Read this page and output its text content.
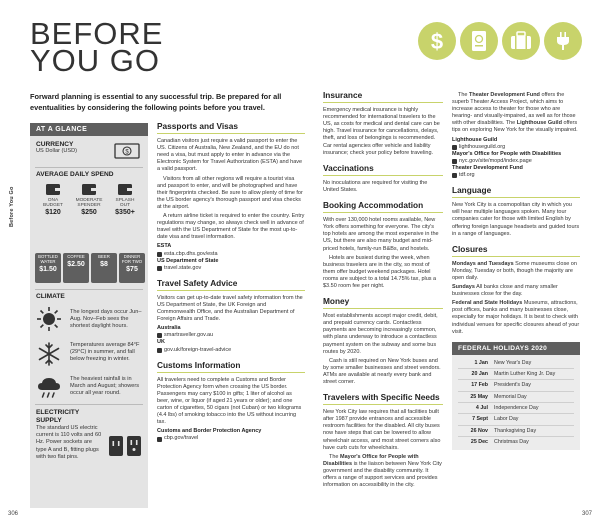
Before You Go
BEFORE
YOU GO
$
Forward planning is essential to any successful trip. Be prepared for all eventualities by considering the following points before you travel.
AT A GLANCE
CURRENCY
US Dollar (USD)	$
AVERAGE DAILY SPEND
ONA
BUDGET
$120
MODERATE
SPENDER
$250
SPLASH
OUT
$350+
BOTTLED
WATER
$1.50
COFFEE
$2.50
BEER
$8
DINNER
FOR TWO
$75
CLIMATE
The longest days occur Jun–Aug. Nov–Feb sees the shortest daylight hours.
Temperatures average 84°F (29°C) in summer, and fall below freezing in winter.
The heaviest rainfall is in March and August; showers occur all year round.
ELECTRICITY SUPPLY
The standard US electric current is 110 volts and 60 Hz. Power sockets are type A and B, fitting plugs with two flat pins.
Passports and Visas

Canadian visitors just require a valid passport to enter the US. Citizens of Australia, New Zealand, and the EU do not need a visa, but must apply to enter in advance via the Electronic System for Travel Authorization (ESTA) and have a valid passport.

Visitors from all other regions will require a tourist visa and passport to enter, and will be photographed and have their fingerprints checked. Be sure to allow plenty of time for the US border agency's thorough passport and visa checks at the airport.

A return airline ticket is required to enter the country. Entry regulations may change, so always check well in advance of travel with the US Department of State for the most up-to-date visa and travel information.

ESTA
esta.cbp.dhs.gov/esta
US Department of State
travel.state.gov
Travel Safety Advice

Visitors can get up-to-date travel safety information from the US Department of State, the UK Foreign and Commonwealth Office, and the Australian Department of Foreign Affairs and Trade.

Australia
smartraveller.gov.au
UK
gov.uk/foreign-travel-advice
Customs Information

All travelers need to complete a Customs and Border Protection Agency form when crossing the US border. Passengers may carry $100 in gifts; 1 liter of alcohol as beer, wine, or liquor (if aged 21 years or older); and one carton of cigarettes, 50 cigars (not Cuban) or two kilograms (4.4 lbs) of smoking tobacco into the US without incurring tax.

Customs and Border Protection Agency
cbp.gov/travel
Insurance

Emergency medical insurance is highly recommended for international travelers to the US, as costs for medical and dental care can be high. Travel insurance for cancellations, delays, theft, and loss of belongings is recommended. Car rental agencies offer vehicle and liability insurance; check your policy before traveling.

Vaccinations

No inoculations are required for visiting the United States.

Booking Accommodation

With over 130,000 hotel rooms available, New York offers something for everyone. The city's top hotels are among the most expensive in the US, but there are also many budget and mid-priced hotels, family-run B&Bs, and hostels.

Hotels are busiest during the week, when business travelers are in the city, so most of them offer budget weekend packages. Hotel rooms are subject to a total 14.75% tax, plus a $3.50 room fee per night.

Money

Most establishments accept major credit, debit, and prepaid currency cards. Contactless payments are becoming increasingly common, with plans underway to introduce a contactless payment system on the subway and some bus routes by 2020.

Cash is still required on New York buses and by some smaller businesses and street vendors. ATMs are available at nearly every bank and street corner.

Travelers with Specific Needs

New York City law requires that all facilities built after 1987 provide entrances and accessible restroom facilities for the disabled. All city buses now have steps that can be lowered to allow wheelchair access, and most street corners also have curb cuts for wheelchairs.

The Mayor's Office for People with Disabilities is the liaison between New York City government and the disability community. It offers a range of support services and provides information on accessibility in the city.

The Theater Development Fund offers the superb Theater Access Project, which aims to increase access to theater for those who are hearing- and visually-impaired, as well as for those with other disabilities. The Lighthouse Guild offers tips on exploring New York for the visually impaired.

Lighthouse Guild
lighthouseguild.org
Mayor's Office for People with Disabilities
nyc.gov/site/mopd/index.page
Theater Development Fund
tdf.org
Language

New York City is a cosmopolitan city in which you will hear multiple languages spoken. Many tour companies cater for those with limited English by offering foreign language headsets and guided tours in a range of languages.

Closures

Mondays and Tuesdays Some museums close on Monday, Tuesday or both, though the majority are open daily.

Sundays All banks close and many smaller businesses close for the day.

Federal and State Holidays Museums, attractions, post offices, banks and many businesses close, especially for major holidays. It is best to check with individual venues for specific closures ahead of your visit.

FEDERAL HOLIDAYS 2020
1 Jan New Year's Day
20 Jan Martin Luther King Jr. Day
17 Feb President's Day
25 May Memorial Day
4 Jul Independence Day
7 Sept Labor Day
26 Nov Thanksgiving Day
25 Dec Christmas Day
306	307
